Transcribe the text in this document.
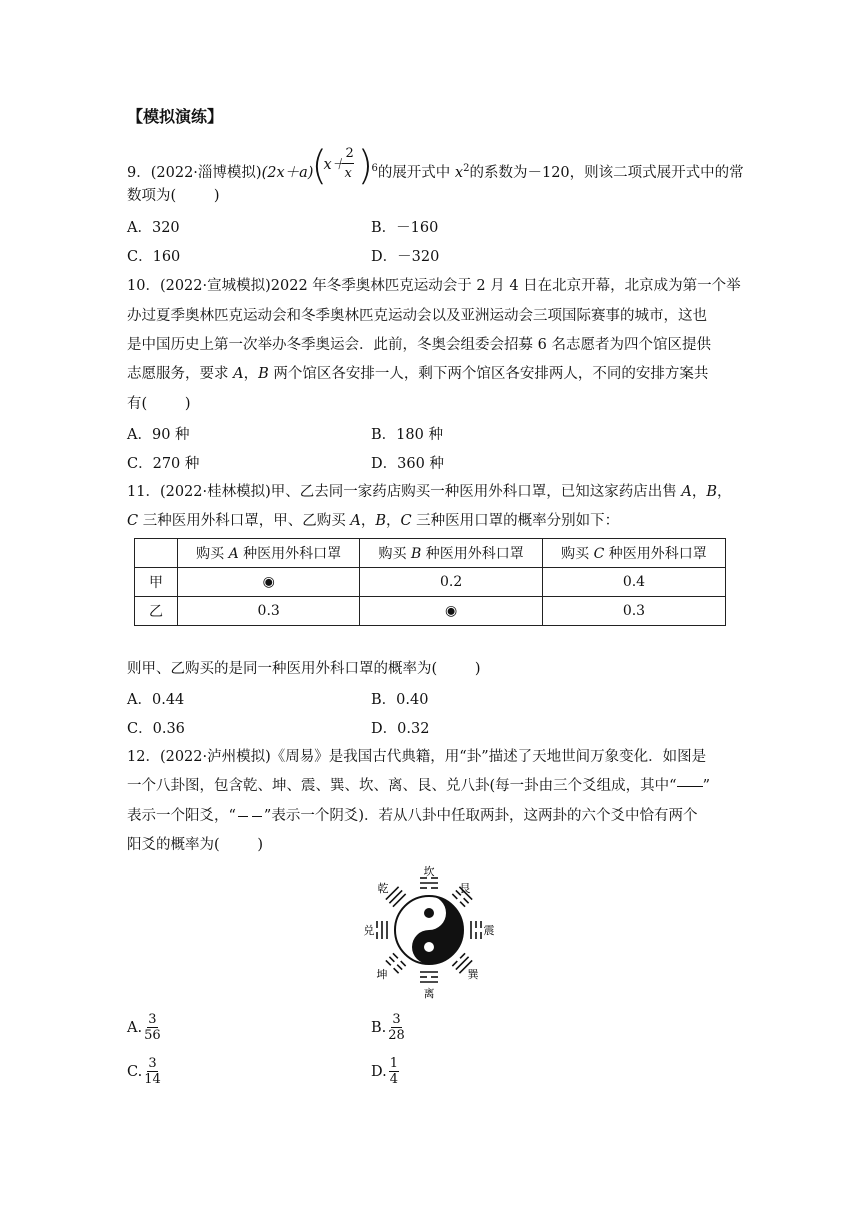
【模拟演练】
9．(2022·淄博模拟)(2x＋a)
(
x＋
2
x )
$^6$的展开式中 $x^2$的系数为－120，则该二项式展开式中的常
数项为(	)
A．320	B．－160
C．160	D．－320
10．(2022·宣城模拟)2022 年冬季奥林匹克运动会于 2 月 4 日在北京开幕，北京成为第一个举
办过夏季奥林匹克运动会和冬季奥林匹克运动会以及亚洲运动会三项国际赛事的城市，这也
是中国历史上第一次举办冬季奥运会．此前，冬奥会组委会招募 6 名志愿者为四个馆区提供
志愿服务，要求 A，B 两个馆区各安排一人，剩下两个馆区各安排两人，不同的安排方案共
有(	)
A．90 种	B．180 种
C．270 种	D．360 种
11．(2022·桂林模拟)甲、乙去同一家药店购买一种医用外科口罩，已知这家药店出售 A，B，
C 三种医用外科口罩，甲、乙购买 A，B，C 三种医用口罩的概率分别如下：
	购买 A 种医用外科口罩	购买 B 种医用外科口罩	购买 C 种医用外科口罩
甲	◉	0.2	0.4
乙	0.3	◉	0.3
则甲、乙购买的是同一种医用外科口罩的概率为(	)
A．0.44	B．0.40
C．0.36	D．0.32
12．(2022·泸州模拟)《周易》是我国古代典籍，用“卦”描述了天地世间万象变化．如图是
一个八卦图，包含乾、坤、震、巽、坎、离、艮、兑八卦(每一卦由三个爻组成，其中“ ”
表示一个阳爻，“ ”表示一个阴爻)．若从八卦中任取两卦，这两卦的六个爻中恰有两个
阳爻的概率为(	)
坎
艮
震
巽
离
坤
兑
乾
A. $\frac{3}{56}$	B. $\frac{3}{28}$
C. $\frac{3}{14}$	D. $\frac{1}{4}$
